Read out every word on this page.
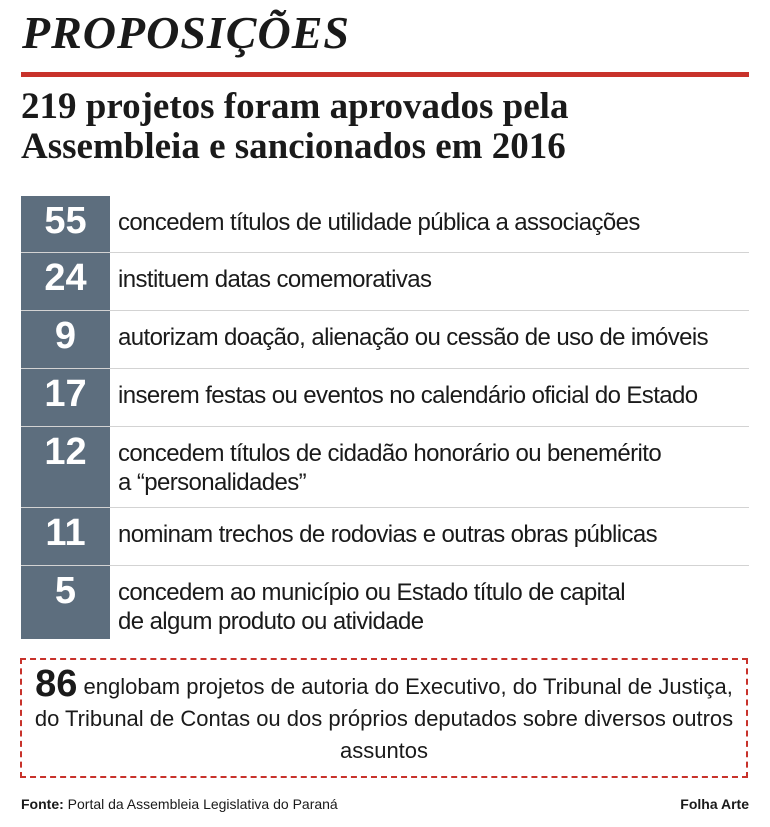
PROPOSIÇÕES
219 projetos foram aprovados pela Assembleia e sancionados em 2016
55	concedem títulos de utilidade pública a associações
24	instituem datas comemorativas
9	autorizam doação, alienação ou cessão de uso de imóveis
17	inserem festas ou eventos no calendário oficial do Estado
12	concedem títulos de cidadão honorário ou benemérito
a “personalidades”
11	nominam trechos de rodovias e outras obras públicas
5	concedem ao município ou Estado título de capital
de algum produto ou atividade
86 englobam projetos de autoria do Executivo, do Tribunal de Justiça, do Tribunal de Contas ou dos próprios deputados sobre diversos outros assuntos
Fonte: Portal da Assembleia Legislativa do Paraná	Folha Arte
